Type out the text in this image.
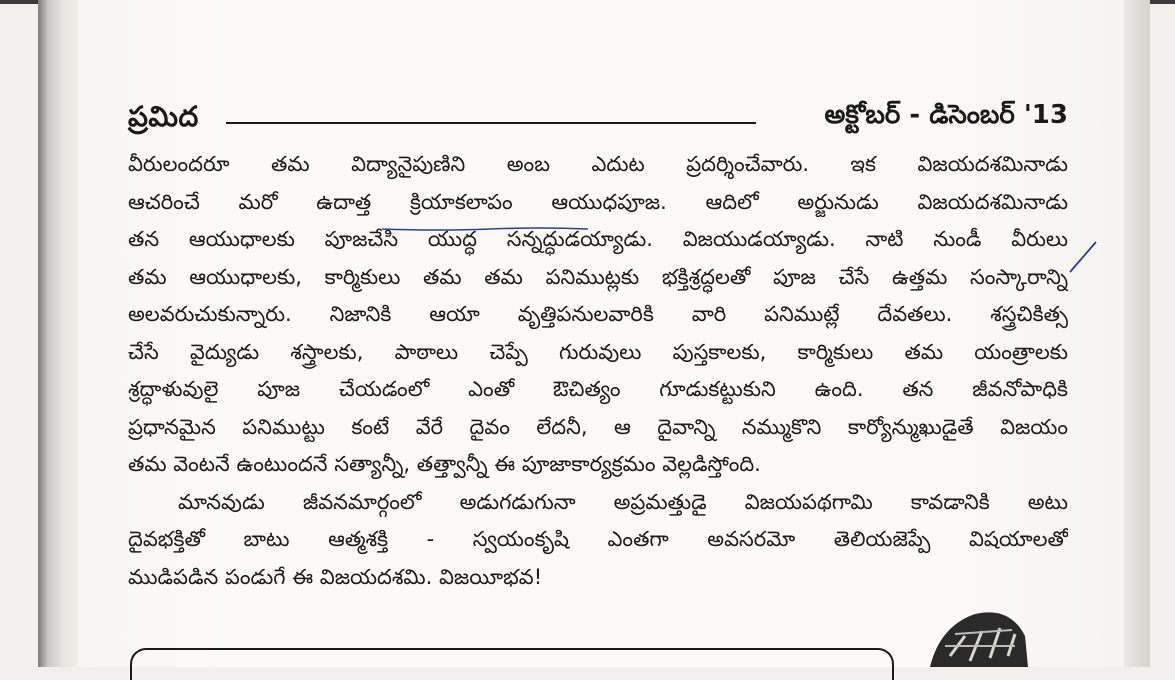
ప్రమిద	అక్టోబర్ - డిసెంబర్ '13
వీరులందరూ తమ విద్యానైపుణిని అంబ ఎదుట ప్రదర్శించేవారు. ఇక విజయదశమినాడు
ఆచరించే మరో ఉదాత్త క్రియాకలాపం ఆయుధపూజ. ఆదిలో అర్జునుడు విజయదశమినాడు
తన ఆయుధాలకు పూజచేసి యుద్ధ సన్నద్ధుడయ్యాడు. విజయుడయ్యాడు. నాటి నుండీ వీరులు
తమ ఆయుధాలకు, కార్మికులు తమ తమ పనిముట్లకు భక్తిశ్రద్ధలతో పూజ చేసే ఉత్తమ సంస్కారాన్ని
అలవరుచుకున్నారు. నిజానికి ఆయా వృత్తిపనులవారికి వారి పనిముట్లే దేవతలు. శస్త్రచికిత్స
చేసే వైద్యుడు శస్త్రాలకు, పాఠాలు చెప్పే గురువులు పుస్తకాలకు, కార్మికులు తమ యంత్రాలకు
శ్రద్ధాళువులై పూజ చేయడంలో ఎంతో ఔచిత్యం గూడుకట్టుకుని ఉంది. తన జీవనోపాధికి
ప్రధానమైన పనిముట్టు కంటే వేరే దైవం లేదనీ, ఆ దైవాన్ని నమ్ముకొని కార్యోన్ముఖుడైతే విజయం
తమ వెంటనే ఉంటుందనే సత్యాన్నీ, తత్త్వాన్నీ ఈ పూజాకార్యక్రమం వెల్లడిస్తోంది.
మానవుడు జీవనమార్గంలో అడుగడుగునా అప్రమత్తుడై విజయపథగామి కావడానికి అటు
దైవభక్తితో బాటు ఆత్మశక్తి - స్వయంకృషి ఎంతగా అవసరమో తెలియజెప్పే విషయాలతో
ముడిపడిన పండుగే ఈ విజయదశమి. విజయీభవ!
